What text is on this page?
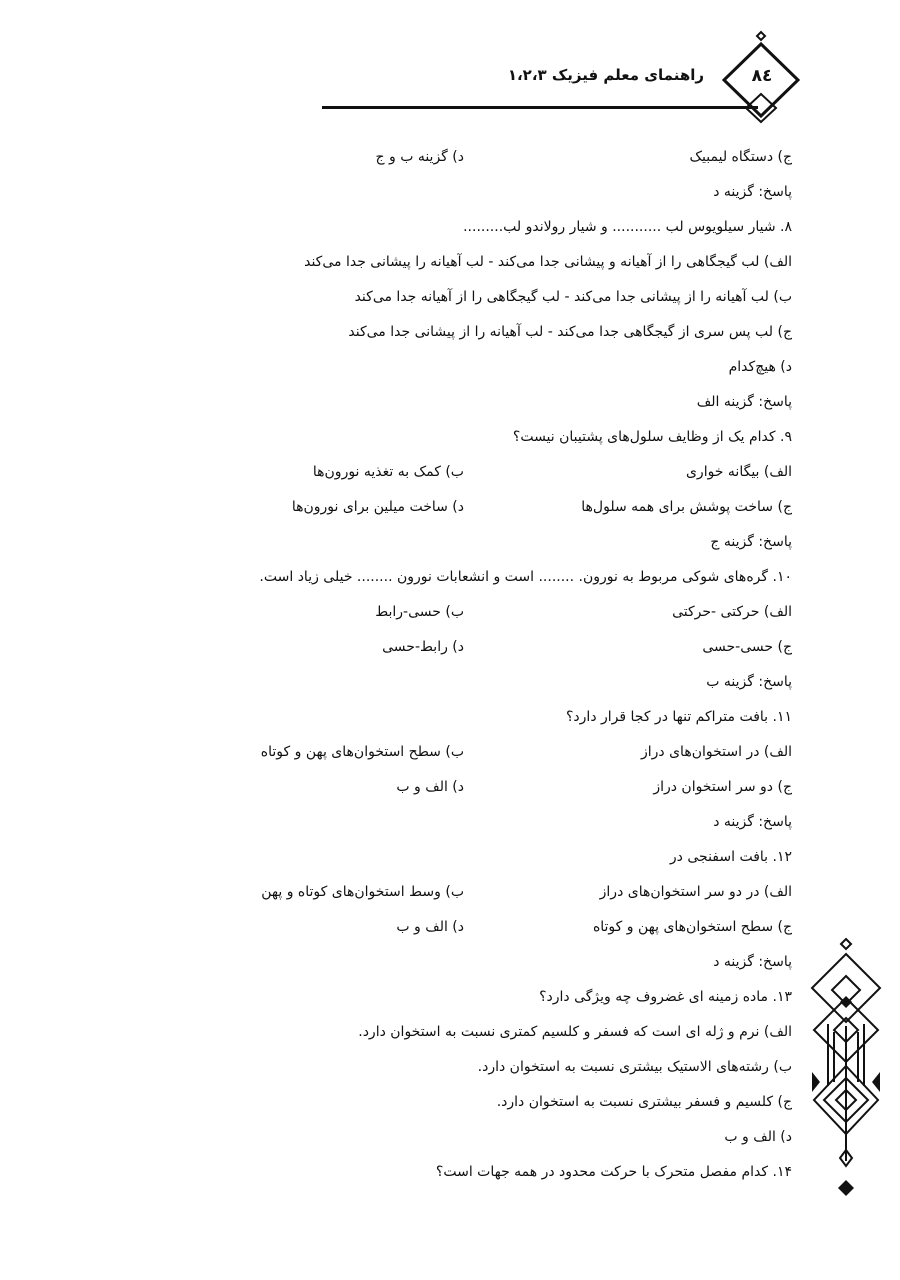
راهنمای معلم فیزیک ۱،۲،۳	۸٤
ج) دستگاه لیمبیک
د) گزینه ب و ج
پاسخ: گزینه د
۸. شیار سیلویوس لب ........... و شیار رولاندو لب.........
الف) لب گیجگاهی را از آهیانه و پیشانی جدا می‌کند - لب آهیانه را پیشانی جدا می‌کند
ب) لب آهیانه را از پیشانی جدا می‌کند - لب گیجگاهی را از آهیانه جدا می‌کند
ج) لب پس سری از گیجگاهی جدا می‌کند - لب آهیانه را از پیشانی جدا می‌کند
د) هیچ‌کدام
پاسخ: گزینه الف
۹. کدام یک از وظایف سلول‌های پشتیبان نیست؟
الف) بیگانه خواری
ب) کمک به تغذیه نورون‌ها
ج) ساخت پوشش برای همه سلول‌ها
د) ساخت میلین برای نورون‌ها
پاسخ: گزینه ج
۱۰. گره‌های شوکی مربوط به نورون. ........ است و انشعابات نورون ........ خیلی زیاد است.
الف) حرکتی -حرکتی
ب) حسی-رابط
ج) حسی-حسی
د) رابط-حسی
پاسخ: گزینه ب
۱۱. بافت متراکم تنها در کجا قرار دارد؟
الف) در استخوان‌های دراز
ب) سطح استخوان‌های پهن و کوتاه
ج) دو سر استخوان دراز
د) الف و ب
پاسخ: گزینه د
۱۲. بافت اسفنجی در
الف) در دو سر استخوان‌های دراز
ب) وسط استخوان‌های کوتاه و پهن
ج) سطح استخوان‌های پهن و کوتاه
د) الف و ب
پاسخ: گزینه د
۱۳. ماده زمینه ای غضروف چه ویژگی دارد؟
الف) نرم و ژله ای است که فسفر و کلسیم کمتری نسبت به استخوان دارد.
ب) رشته‌های الاستیک بیشتری نسبت به استخوان دارد.
ج) کلسیم و فسفر بیشتری نسبت به استخوان دارد.
د) الف و ب
۱۴. کدام مفصل متحرک با حرکت محدود در همه جهات است؟
